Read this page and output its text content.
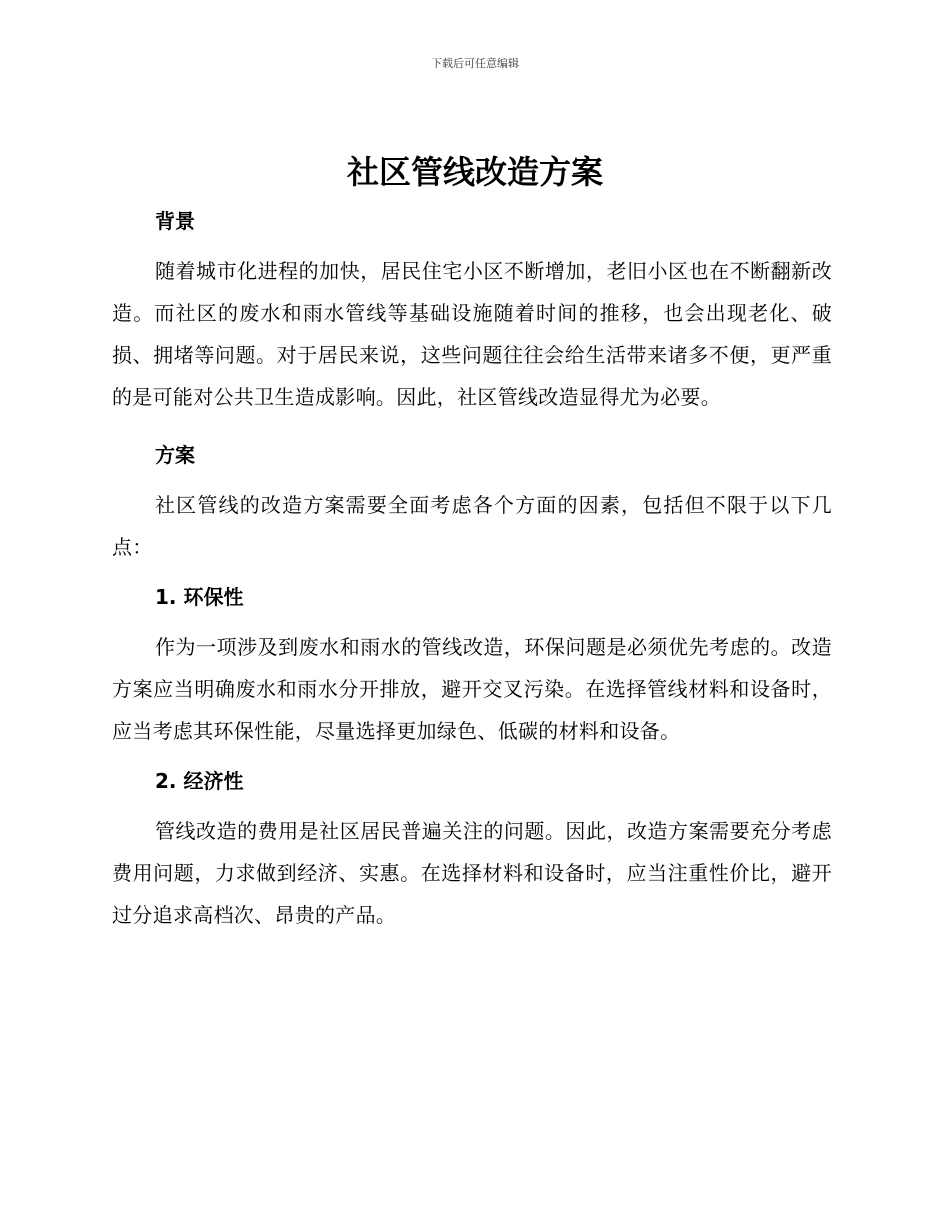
下载后可任意编辑
社区管线改造方案
背景

随着城市化进程的加快，居民住宅小区不断增加，老旧小区也在不断翻新改造。而社区的废水和雨水管线等基础设施随着时间的推移，也会出现老化、破损、拥堵等问题。对于居民来说，这些问题往往会给生活带来诸多不便，更严重的是可能对公共卫生造成影响。因此，社区管线改造显得尤为必要。

方案

社区管线的改造方案需要全面考虑各个方面的因素，包括但不限于以下几点：

1. 环保性

作为一项涉及到废水和雨水的管线改造，环保问题是必须优先考虑的。改造方案应当明确废水和雨水分开排放，避开交叉污染。在选择管线材料和设备时，应当考虑其环保性能，尽量选择更加绿色、低碳的材料和设备。

2. 经济性

管线改造的费用是社区居民普遍关注的问题。因此，改造方案需要充分考虑费用问题，力求做到经济、实惠。在选择材料和设备时，应当注重性价比，避开过分追求高档次、昂贵的产品。
